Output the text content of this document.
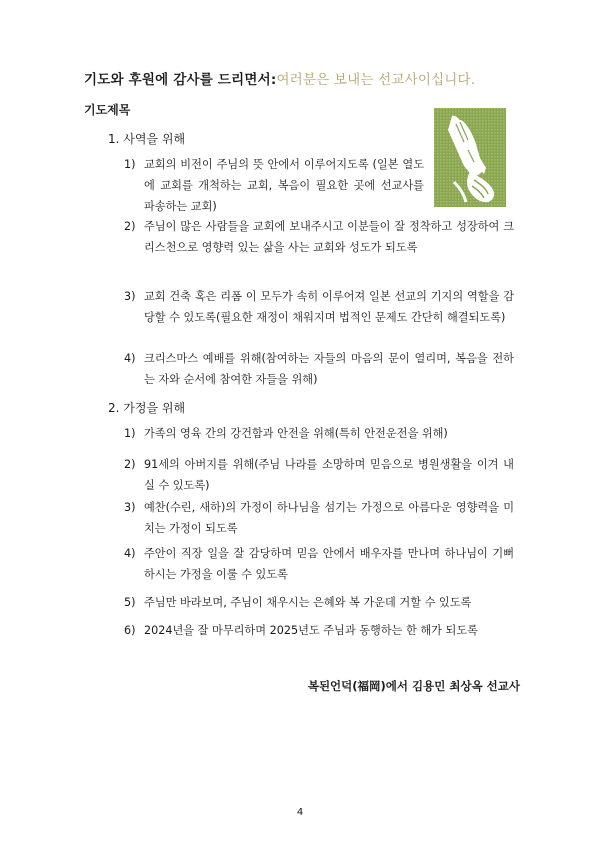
기도와 후원에 감사를 드리면서:여러분은 보내는 선교사이십니다.
기도제목
1. 사역을 위해
1) 교회의 비전이 주님의 뜻 안에서 이루어지도록 (일본 열도에 교회를 개척하는 교회, 복음이 필요한 곳에 선교사를 파송하는 교회)
2) 주님이 많은 사람들을 교회에 보내주시고 이분들이 잘 정착하고 성장하여 크리스천으로 영향력 있는 삶을 사는 교회와 성도가 되도록
3) 교회 건축 혹은 리폼 이 모두가 속히 이루어져 일본 선교의 기지의 역할을 감당할 수 있도록(필요한 재정이 채워지며 법적인 문제도 간단히 해결되도록)
4) 크리스마스 예배를 위해(참여하는 자들의 마음의 문이 열리며, 복음을 전하는 자와 순서에 참여한 자들을 위해)
2. 가정을 위해
1) 가족의 영육 간의 강건함과 안전을 위해(특히 안전운전을 위해)
2) 91세의 아버지를 위해(주님 나라를 소망하며 믿음으로 병원생활을 이겨 내실 수 있도록)
3) 예찬(수린, 새하)의 가정이 하나님을 섬기는 가정으로 아름다운 영향력을 미치는 가정이 되도록
4) 주안이 직장 일을 잘 감당하며 믿음 안에서 배우자를 만나며 하나님이 기뻐하시는 가정을 이룰 수 있도록
5) 주님만 바라보며, 주님이 채우시는 은혜와 복 가운데 거할 수 있도록
6) 2024년을 잘 마무리하며 2025년도 주님과 동행하는 한 해가 되도록
복된언덕(福岡)에서 김용민 최상옥 선교사
4
